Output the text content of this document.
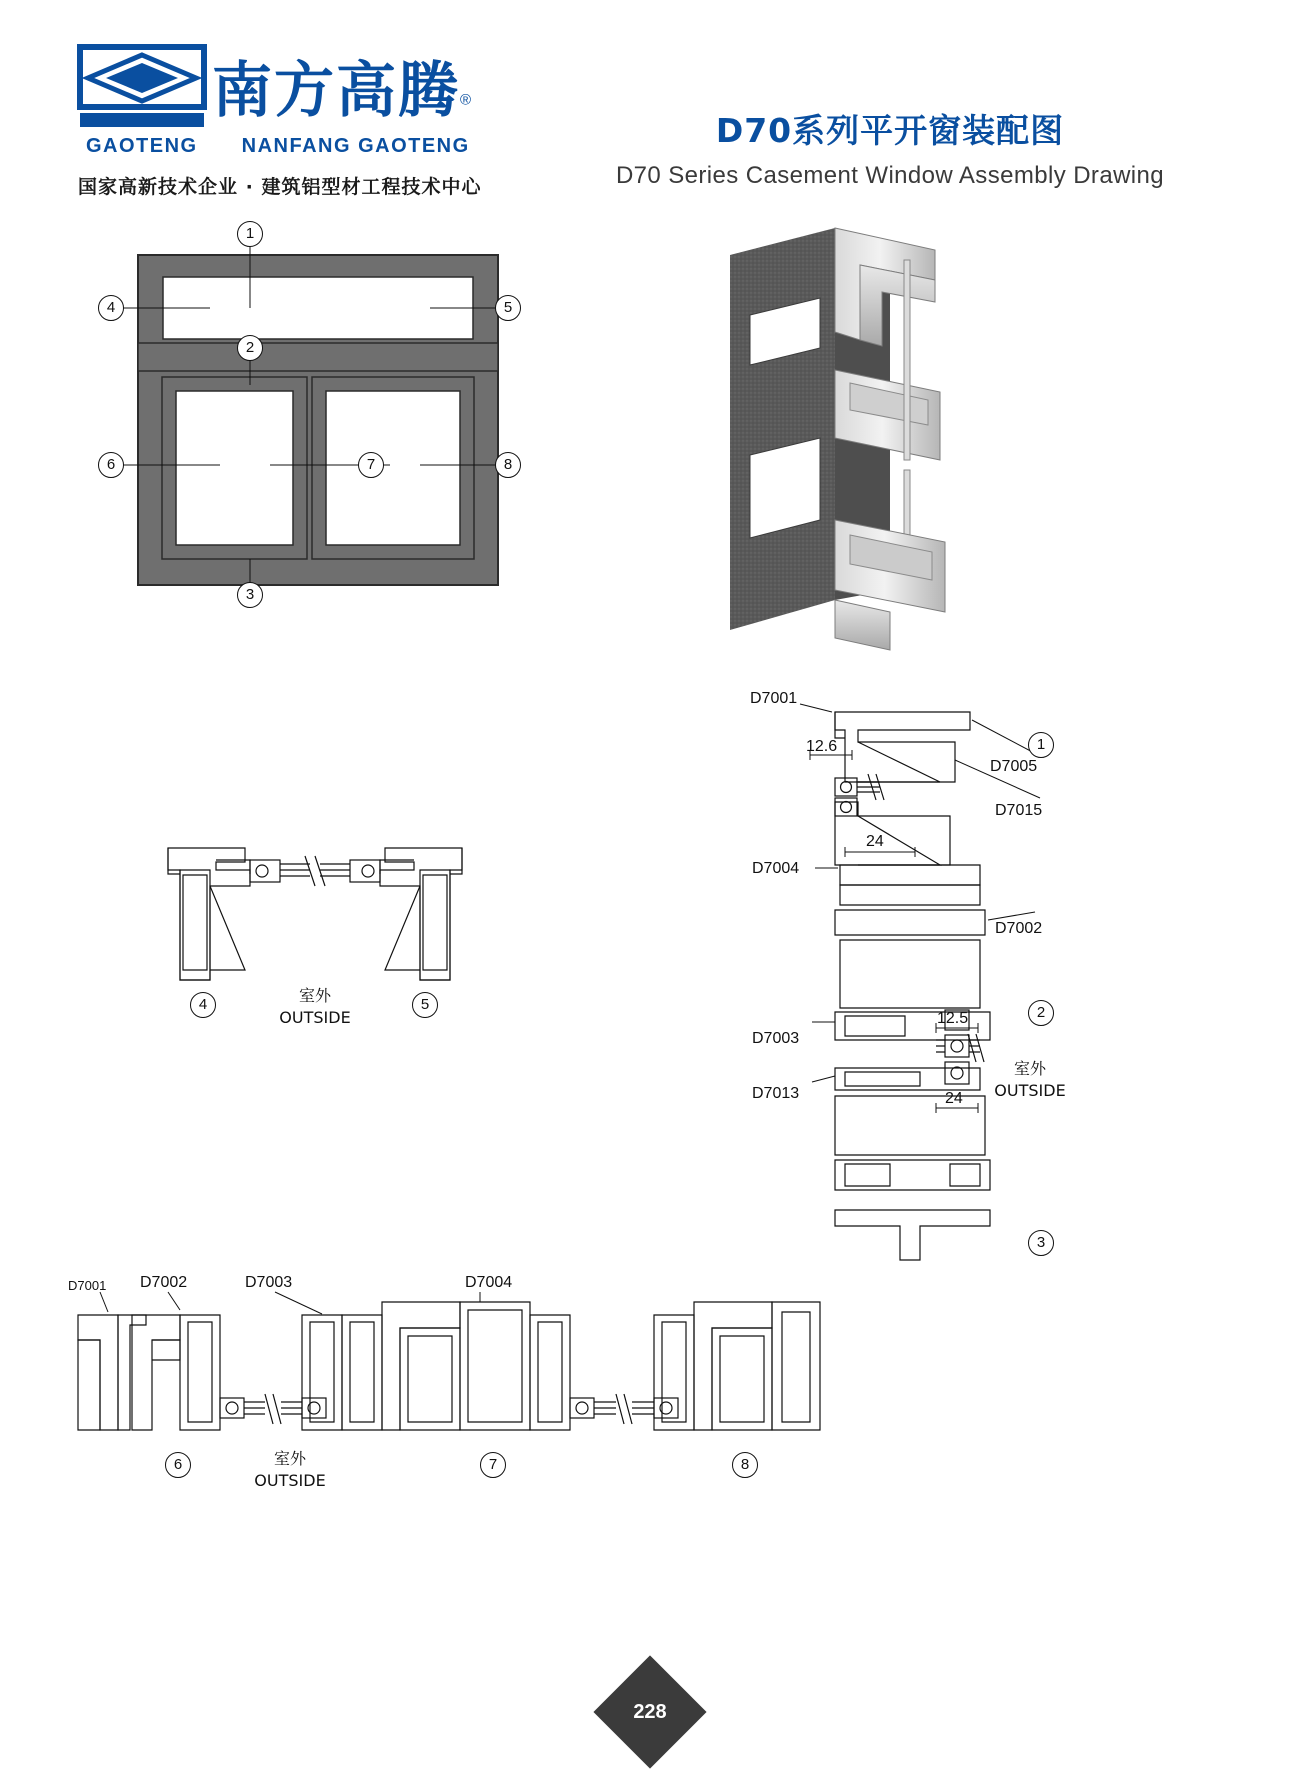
南方高腾®
GAOTENG NANFANG GAOTENG
国家高新技术企业 · 建筑铝型材工程技术中心
D70系列平开窗装配图
D70 Series Casement Window Assembly Drawing
1
2
3
4	5
6	7	8
4	5
室外
OUTSIDE
D7001
D7005
D7015
D7004
D7002
D7003
D7013
12.6
24
12.5
24
1
2
3
室外
OUTSIDE
D7001 D7002	D7003	D7004
6	7	8
室外
OUTSIDE
228
